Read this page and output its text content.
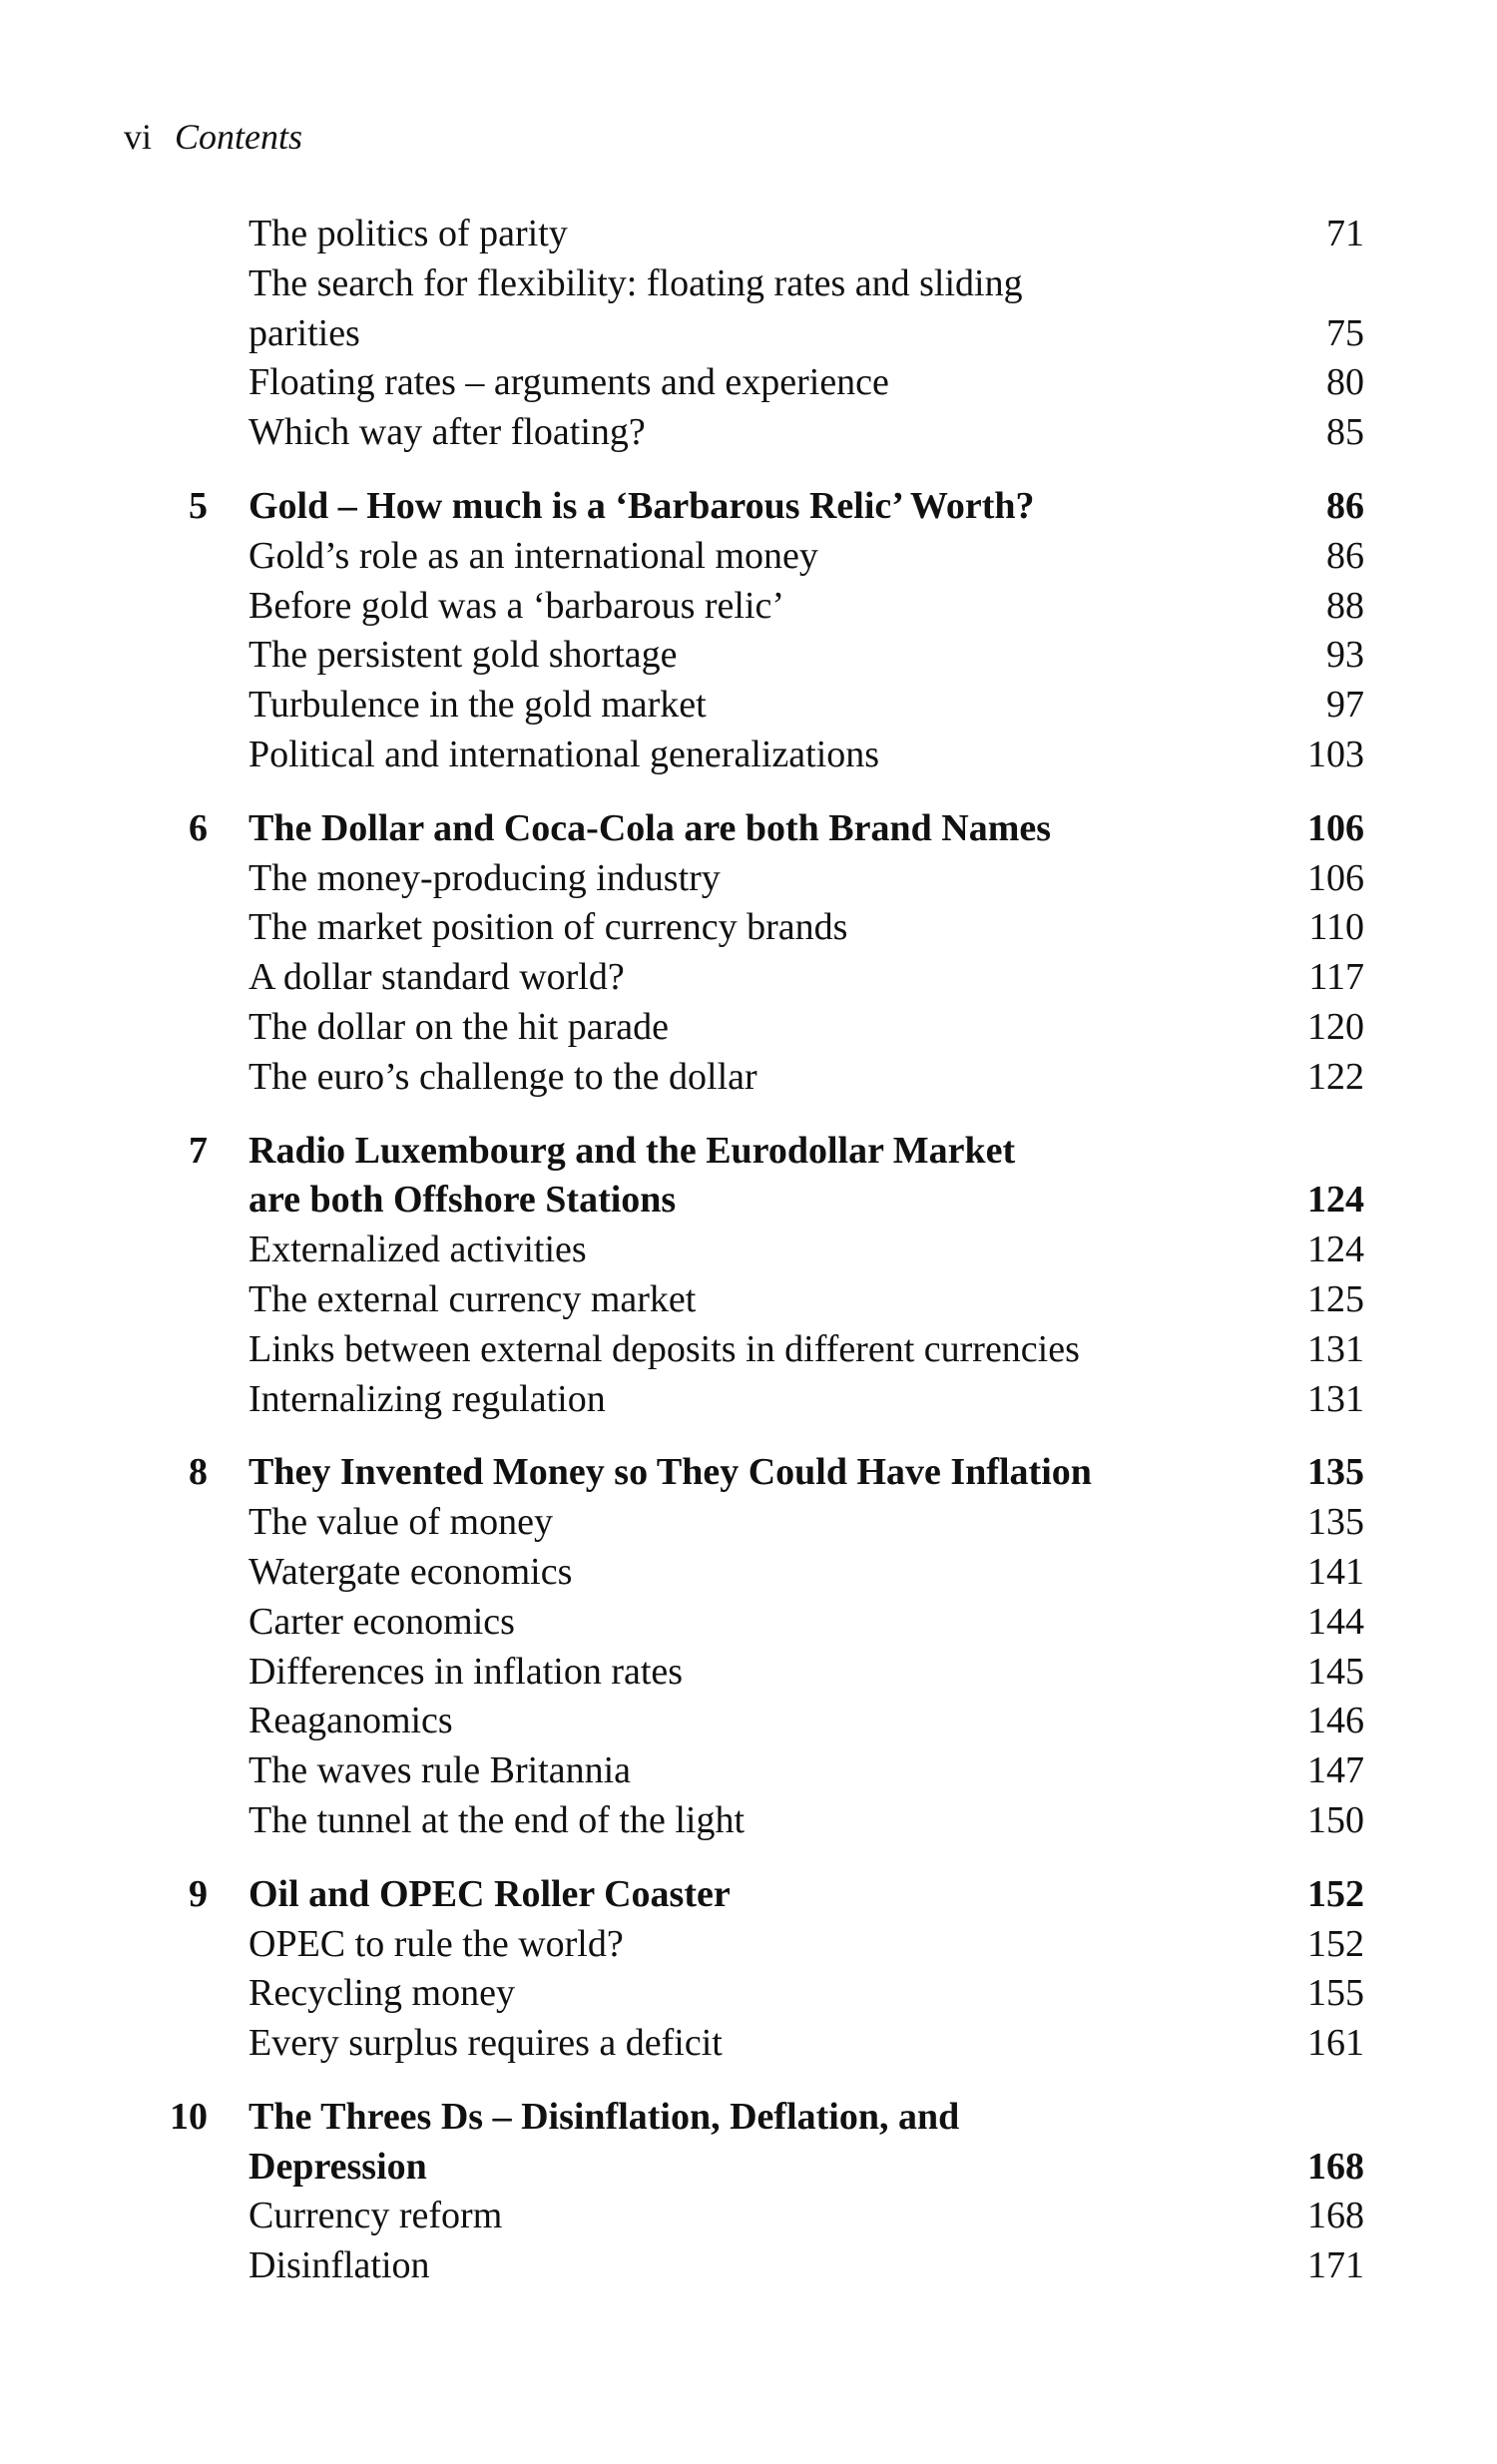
vi Contents
The politics of parity	71
The search for flexibility: floating rates and sliding
parities	75
Floating rates – arguments and experience	80
Which way after floating?	85
5 Gold – How much is a ‘Barbarous Relic’ Worth?	86
Gold’s role as an international money	86
Before gold was a ‘barbarous relic’	88
The persistent gold shortage	93
Turbulence in the gold market	97
Political and international generalizations	103
6 The Dollar and Coca-Cola are both Brand Names	106
The money-producing industry	106
The market position of currency brands	110
A dollar standard world?	117
The dollar on the hit parade	120
The euro’s challenge to the dollar	122
7 Radio Luxembourg and the Eurodollar Market
are both Offshore Stations	124
Externalized activities	124
The external currency market	125
Links between external deposits in different currencies	131
Internalizing regulation	131
8 They Invented Money so They Could Have Inflation	135
The value of money	135
Watergate economics	141
Carter economics	144
Differences in inflation rates	145
Reaganomics	146
The waves rule Britannia	147
The tunnel at the end of the light	150
9 Oil and OPEC Roller Coaster	152
OPEC to rule the world?	152
Recycling money	155
Every surplus requires a deficit	161
10 The Threes Ds – Disinflation, Deflation, and
Depression	168
Currency reform	168
Disinflation	171
